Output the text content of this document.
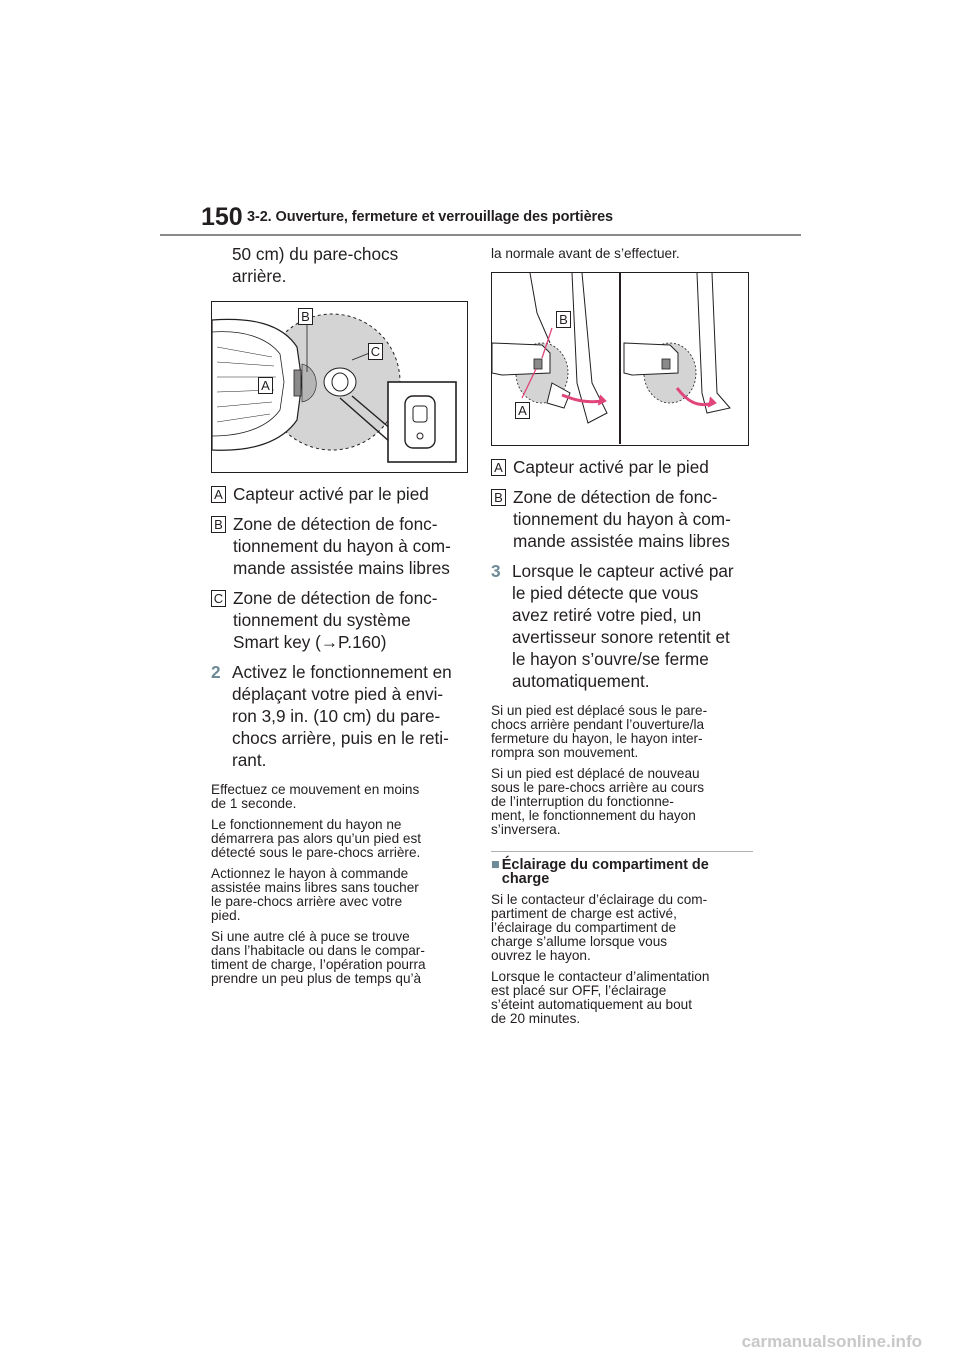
150 3-2. Ouverture, fermeture et verrouillage des portières
50 cm) du pare-chocs
arrière.
B
C
A
A Capteur activé par le pied
B Zone de détection de fonc-
tionnement du hayon à com-
mande assistée mains libres
C Zone de détection de fonc-
tionnement du système
Smart key (→P.160)
2 Activez le fonctionnement en
déplaçant votre pied à envi-
ron 3,9 in. (10 cm) du pare-
chocs arrière, puis en le reti-
rant.
Effectuez ce mouvement en moins
de 1 seconde.
Le fonctionnement du hayon ne
démarrera pas alors qu’un pied est
détecté sous le pare-chocs arrière.
Actionnez le hayon à commande
assistée mains libres sans toucher
le pare-chocs arrière avec votre
pied.
Si une autre clé à puce se trouve
dans l’habitacle ou dans le compar-
timent de charge, l’opération pourra
prendre un peu plus de temps qu’à
la normale avant de s’effectuer.
B
A
A Capteur activé par le pied
B Zone de détection de fonc-
tionnement du hayon à com-
mande assistée mains libres
3 Lorsque le capteur activé par
le pied détecte que vous
avez retiré votre pied, un
avertisseur sonore retentit et
le hayon s’ouvre/se ferme
automatiquement.
Si un pied est déplacé sous le pare-
chocs arrière pendant l’ouverture/la
fermeture du hayon, le hayon inter-
rompra son mouvement.
Si un pied est déplacé de nouveau
sous le pare-chocs arrière au cours
de l’interruption du fonctionne-
ment, le fonctionnement du hayon
s’inversera.
■ Éclairage du compartiment de
charge
Si le contacteur d’éclairage du com-
partiment de charge est activé,
l’éclairage du compartiment de
charge s’allume lorsque vous
ouvrez le hayon.
Lorsque le contacteur d’alimentation
est placé sur OFF, l’éclairage
s’éteint automatiquement au bout
de 20 minutes.
carmanualsonline.info
